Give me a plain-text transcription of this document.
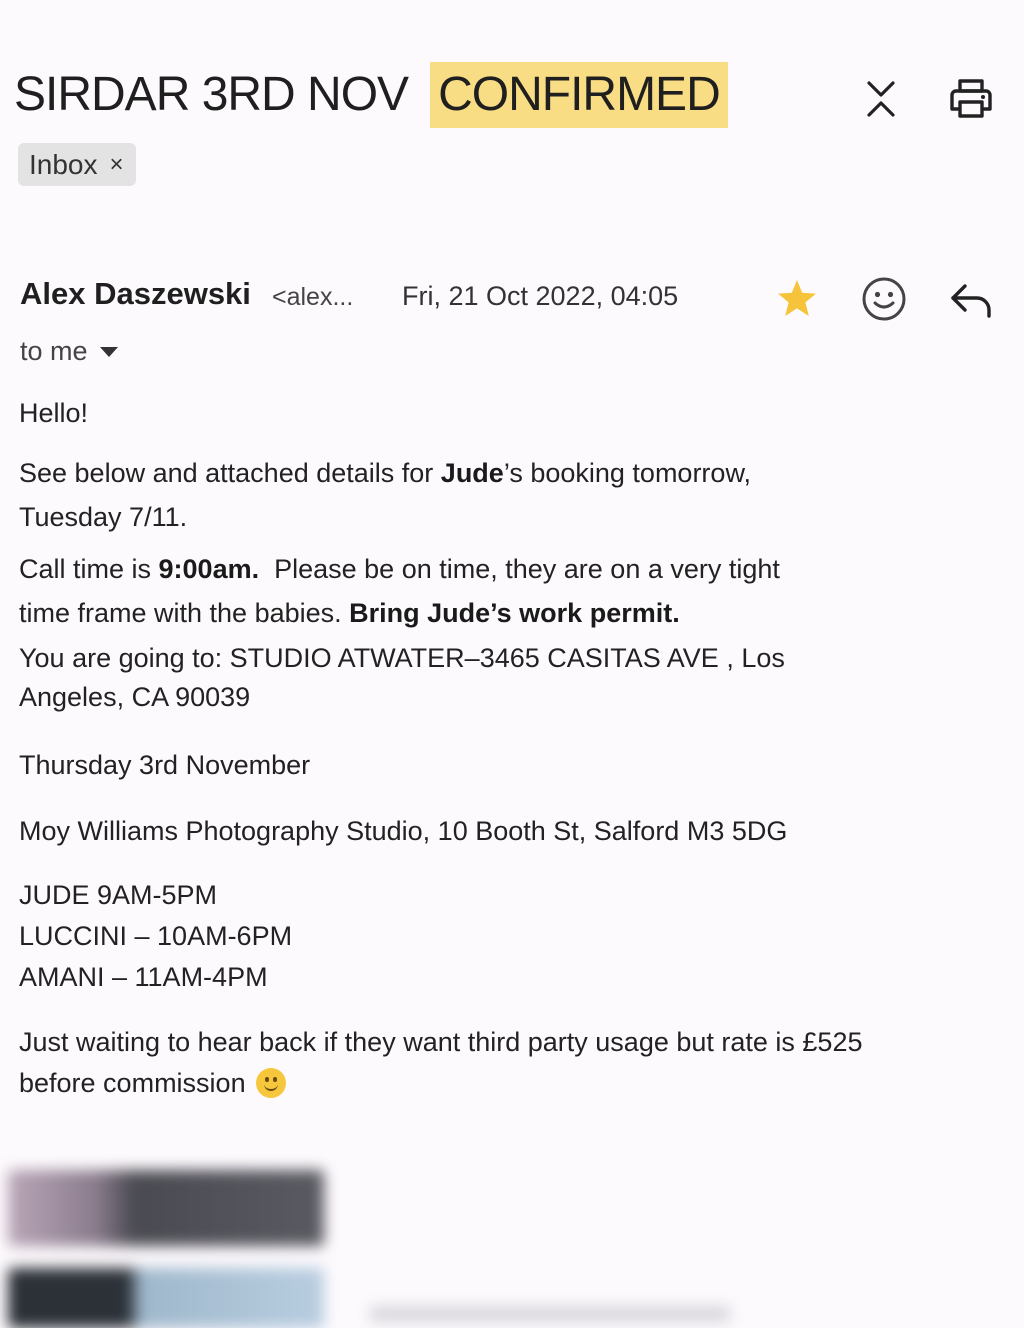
SIRDAR 3RD NOV CONFIRMED
Inbox ×
Alex Daszewski <alex... Fri, 21 Oct 2022, 04:05
to me
Hello!
See below and attached details for Jude’s booking tomorrow,
Tuesday 7/11.
Call time is 9:00am.  Please be on time, they are on a very tight
time frame with the babies. Bring Jude’s work permit.
You are going to: STUDIO ATWATER–3465 CASITAS AVE , Los
Angeles, CA 90039
Thursday 3rd November
Moy Williams Photography Studio, 10 Booth St, Salford M3 5DG
JUDE 9AM-5PM
LUCCINI – 10AM-6PM
AMANI – 11AM-4PM
Just waiting to hear back if they want third party usage but rate is £525
before commission
